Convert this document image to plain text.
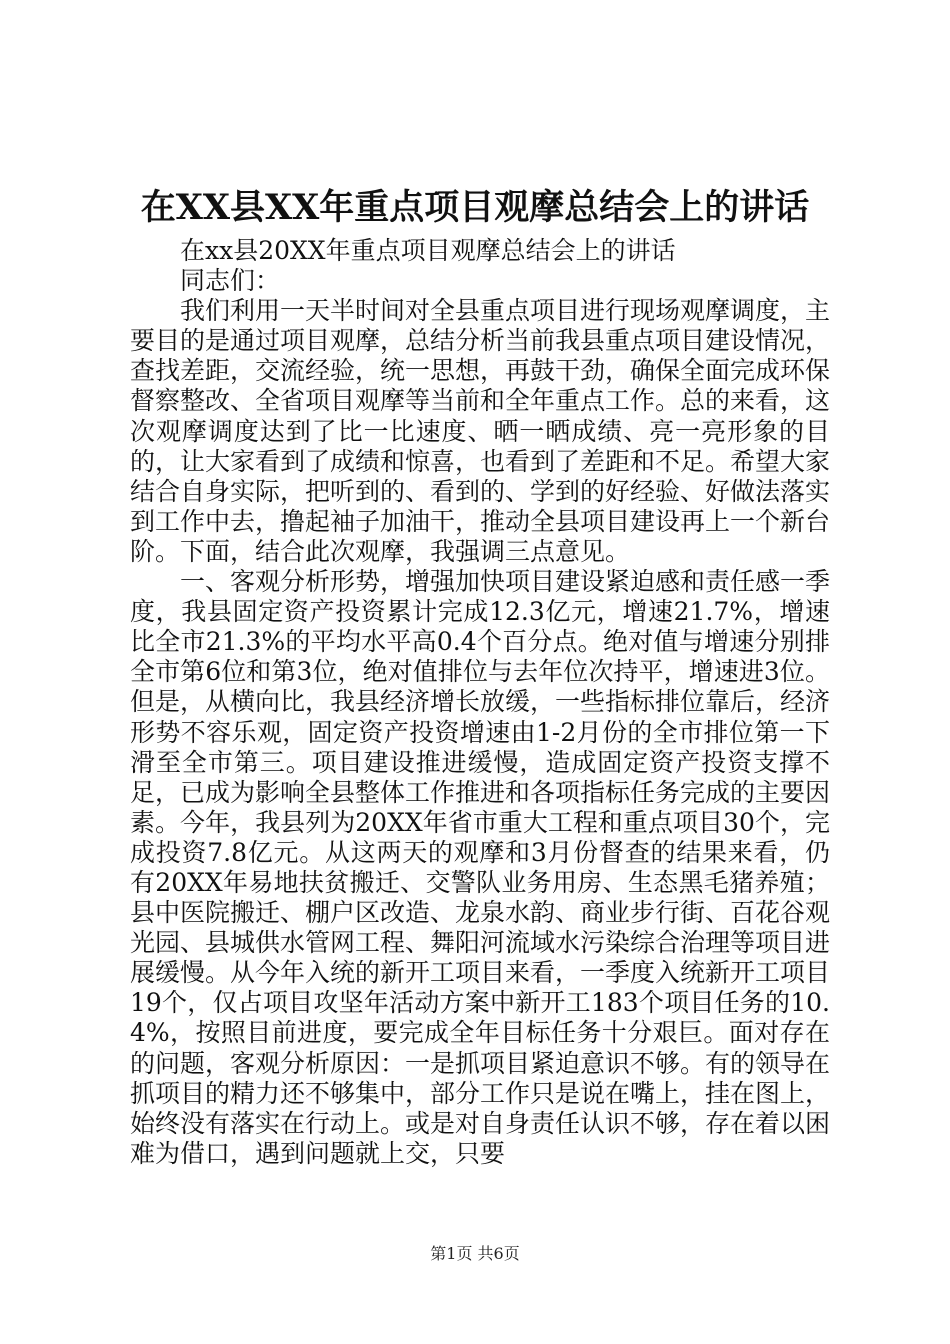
在XX县XX年重点项目观摩总结会上的讲话

在xx县20XX年重点项目观摩总结会上的讲话

同志们：

我们利用一天半时间对全县重点项目进行现场观摩调度，主要目的是通过项目观摩，总结分析当前我县重点项目建设情况，查找差距，交流经验，统一思想，再鼓干劲，确保全面完成环保督察整改、全省项目观摩等当前和全年重点工作。总的来看，这次观摩调度达到了比一比速度、晒一晒成绩、亮一亮形象的目的，让大家看到了成绩和惊喜，也看到了差距和不足。希望大家结合自身实际，把听到的、看到的、学到的好经验、好做法落实到工作中去，撸起袖子加油干，推动全县项目建设再上一个新台阶。下面，结合此次观摩，我强调三点意见。

一、客观分析形势，增强加快项目建设紧迫感和责任感一季度，我县固定资产投资累计完成12.3亿元，增速21.7%，增速比全市21.3%的平均水平高0.4个百分点。绝对值与增速分别排全市第6位和第3位，绝对值排位与去年位次持平，增速进3位。但是，从横向比，我县经济增长放缓，一些指标排位靠后，经济形势不容乐观，固定资产投资增速由1-2月份的全市排位第一下滑至全市第三。项目建设推进缓慢，造成固定资产投资支撑不足，已成为影响全县整体工作推进和各项指标任务完成的主要因素。今年，我县列为20XX年省市重大工程和重点项目30个，完成投资7.8亿元。从这两天的观摩和3月份督查的结果来看，仍有20XX年易地扶贫搬迁、交警队业务用房、生态黑毛猪养殖；县中医院搬迁、棚户区改造、龙泉水韵、商业步行街、百花谷观光园、县城供水管网工程、舞阳河流域水污染综合治理等项目进展缓慢。从今年入统的新开工项目来看，一季度入统新开工项目19个，仅占项目攻坚年活动方案中新开工183个项目任务的10.4%，按照目前进度，要完成全年目标任务十分艰巨。面对存在的问题，客观分析原因：一是抓项目紧迫意识不够。有的领导在抓项目的精力还不够集中，部分工作只是说在嘴上，挂在图上，始终没有落实在行动上。或是对自身责任认识不够，存在着以困难为借口，遇到问题就上交，只要

第1页 共6页
